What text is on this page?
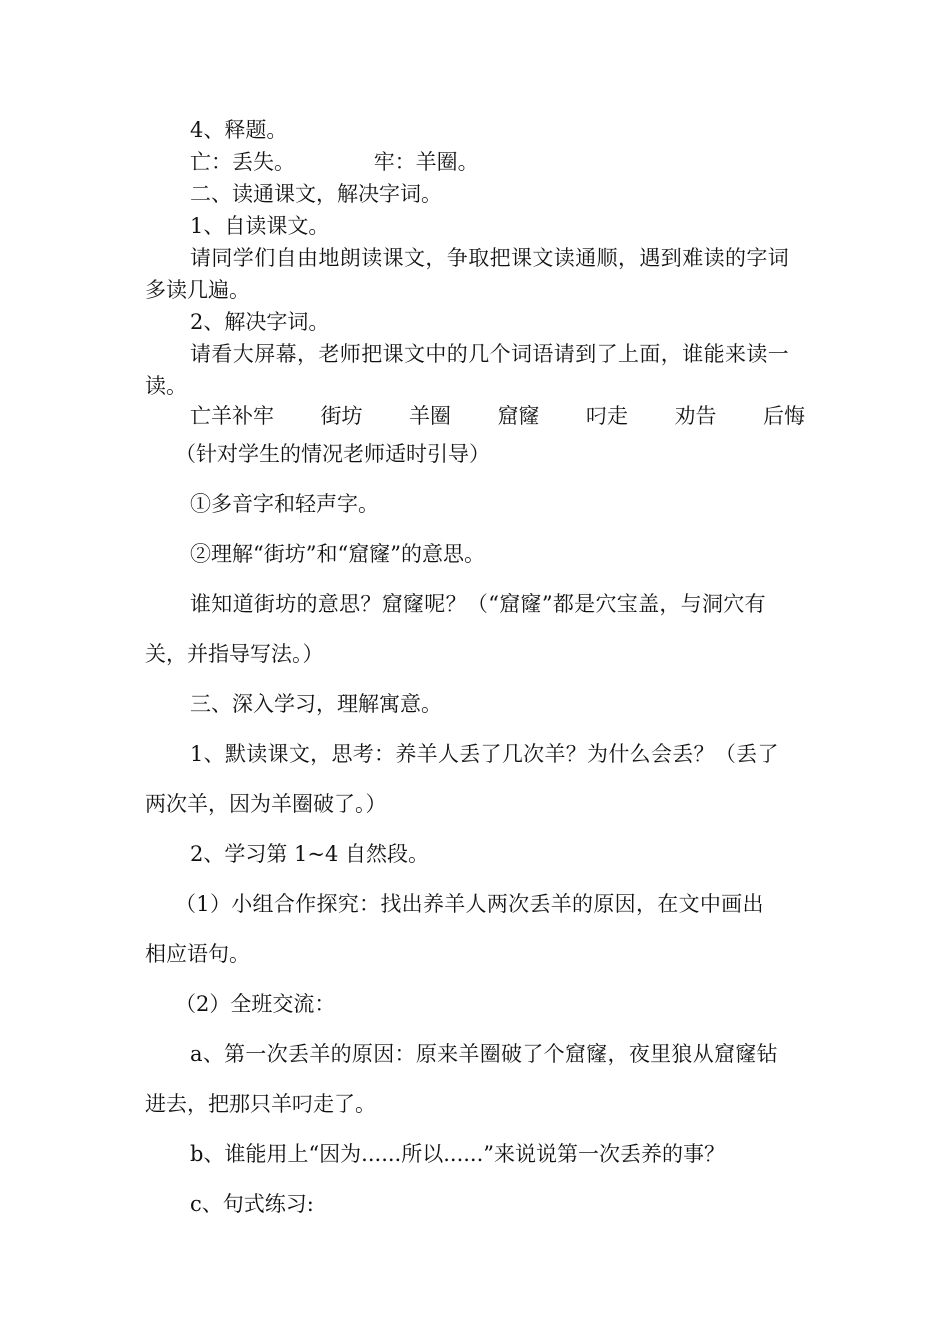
4、释题。
亡：丢失。	牢：羊圈。
二、读通课文，解决字词。
1、自读课文。
请同学们自由地朗读课文，争取把课文读通顺，遇到难读的字词
多读几遍。
2、解决字词。
请看大屏幕，老师把课文中的几个词语请到了上面，谁能来读一
读。
亡羊补牢 街坊 羊圈 窟窿 叼走 劝告 后悔
（针对学生的情况老师适时引导）
①多音字和轻声字。
②理解“街坊”和“窟窿”的意思。
谁知道街坊的意思？窟窿呢？（“窟窿”都是穴宝盖，与洞穴有
关，并指导写法。）
三、深入学习，理解寓意。
1、默读课文，思考：养羊人丢了几次羊？为什么会丢？（丢了
两次羊，因为羊圈破了。）
2、学习第 1~4 自然段。
（1）小组合作探究：找出养羊人两次丢羊的原因，在文中画出
相应语句。
（2）全班交流：
a、第一次丢羊的原因：原来羊圈破了个窟窿，夜里狼从窟窿钻
进去，把那只羊叼走了。
b、谁能用上“因为......所以......”来说说第一次丢养的事？
c、句式练习:
